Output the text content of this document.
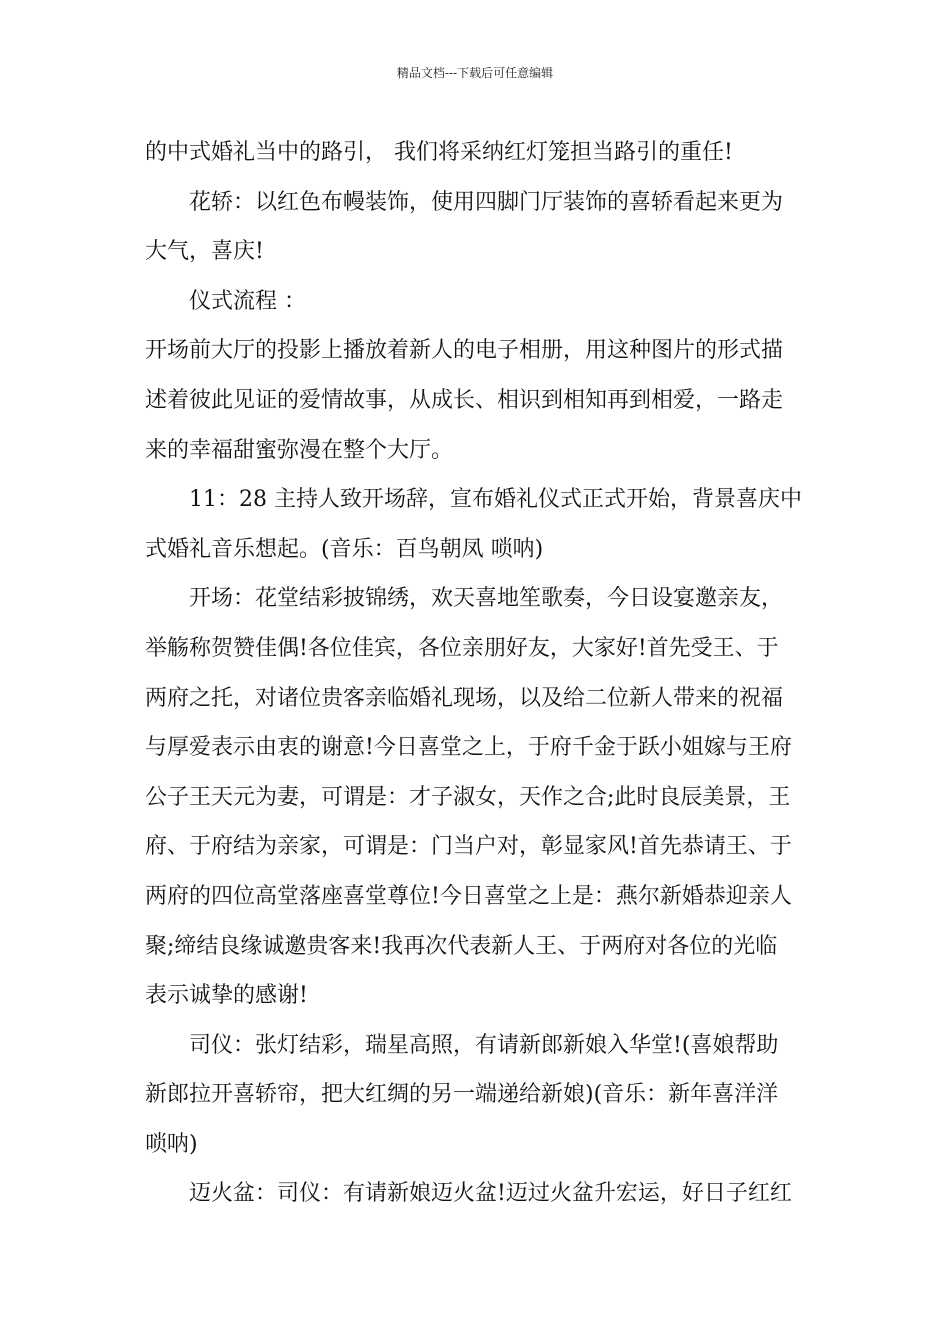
精品文档---下载后可任意编辑
的中式婚礼当中的路引， 我们将采纳红灯笼担当路引的重任!
花轿：以红色布幔装饰，使用四脚门厅装饰的喜轿看起来更为
大气，喜庆!
仪式流程 ：
开场前大厅的投影上播放着新人的电子相册，用这种图片的形式描
述着彼此见证的爱情故事，从成长、相识到相知再到相爱，一路走
来的幸福甜蜜弥漫在整个大厅。
11：28 主持人致开场辞，宣布婚礼仪式正式开始，背景喜庆中
式婚礼音乐想起。(音乐：百鸟朝凤 唢呐)
开场：花堂结彩披锦绣，欢天喜地笙歌奏，今日设宴邀亲友，
举觞称贺赞佳偶!各位佳宾，各位亲朋好友，大家好!首先受王、于
两府之托，对诸位贵客亲临婚礼现场，以及给二位新人带来的祝福
与厚爱表示由衷的谢意!今日喜堂之上，于府千金于跃小姐嫁与王府
公子王天元为妻，可谓是：才子淑女，天作之合;此时良辰美景，王
府、于府结为亲家，可谓是：门当户对，彰显家风!首先恭请王、于
两府的四位高堂落座喜堂尊位!今日喜堂之上是：燕尔新婚恭迎亲人
聚;缔结良缘诚邀贵客来!我再次代表新人王、于两府对各位的光临
表示诚挚的感谢!
司仪：张灯结彩，瑞星高照，有请新郎新娘入华堂!(喜娘帮助
新郎拉开喜轿帘，把大红绸的另一端递给新娘)(音乐：新年喜洋洋
唢呐)
迈火盆：司仪：有请新娘迈火盆!迈过火盆升宏运，好日子红红
